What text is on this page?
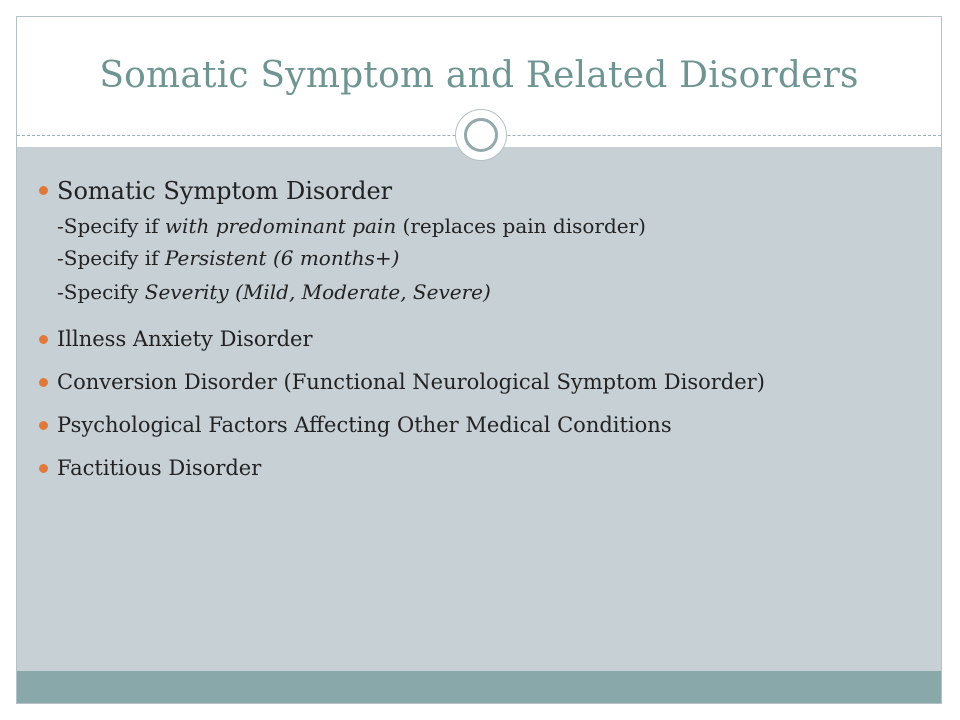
Somatic Symptom and Related Disorders
Somatic Symptom Disorder
-Specify if with predominant pain (replaces pain disorder)
-Specify if Persistent (6 months+)
-Specify Severity (Mild, Moderate, Severe)
Illness Anxiety Disorder
Conversion Disorder (Functional Neurological Symptom Disorder)
Psychological Factors Affecting Other Medical Conditions
Factitious Disorder
